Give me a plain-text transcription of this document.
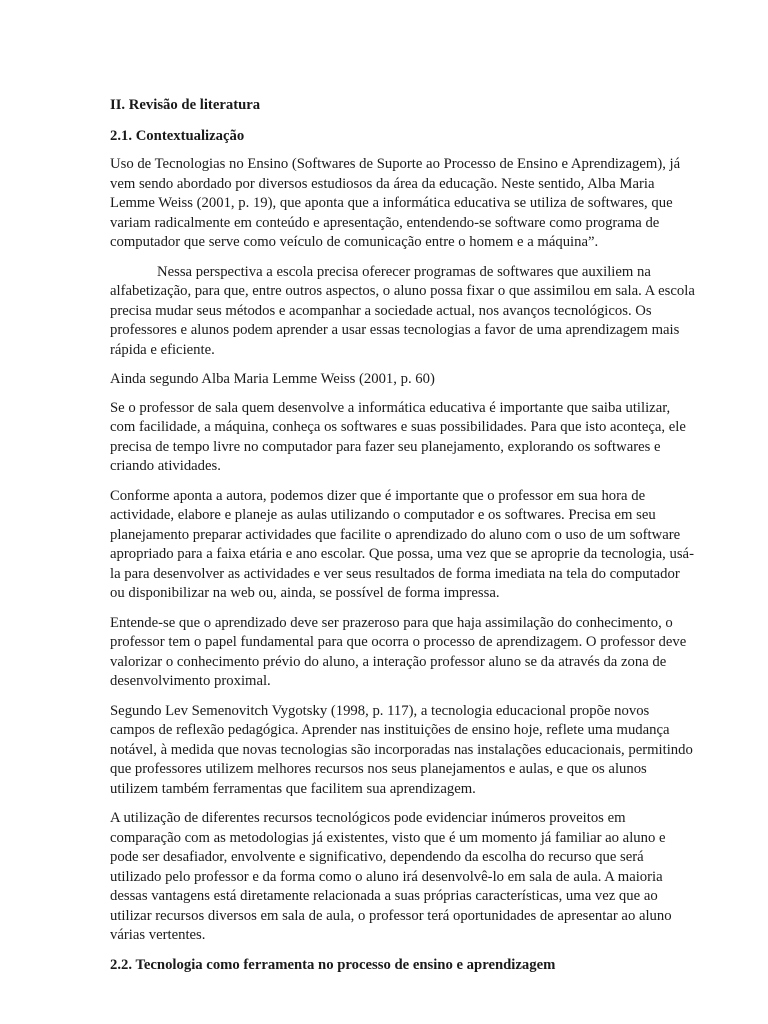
II. Revisão de literatura
2.1. Contextualização

Uso de Tecnologias no Ensino (Softwares de Suporte ao Processo de Ensino e Aprendizagem), já vem sendo abordado por diversos estudiosos da área da educação. Neste sentido, Alba Maria Lemme Weiss (2001, p. 19), que aponta que a informática educativa se utiliza de softwares, que variam radicalmente em conteúdo e apresentação, entendendo-se software como programa de computador que serve como veículo de comunicação entre o homem e a máquina”.

Nessa perspectiva a escola precisa oferecer programas de softwares que auxiliem na alfabetização, para que, entre outros aspectos, o aluno possa fixar o que assimilou em sala. A escola precisa mudar seus métodos e acompanhar a sociedade actual, nos avanços tecnológicos. Os professores e alunos podem aprender a usar essas tecnologias a favor de uma aprendizagem mais rápida e eficiente.

Ainda segundo Alba Maria Lemme Weiss (2001, p. 60)

Se o professor de sala quem desenvolve a informática educativa é importante que saiba utilizar, com facilidade, a máquina, conheça os softwares e suas possibilidades. Para que isto aconteça, ele precisa de tempo livre no computador para fazer seu planejamento, explorando os softwares e criando atividades.

Conforme aponta a autora, podemos dizer que é importante que o professor em sua hora de actividade, elabore e planeje as aulas utilizando o computador e os softwares. Precisa em seu planejamento preparar actividades que facilite o aprendizado do aluno com o uso de um software apropriado para a faixa etária e ano escolar. Que possa, uma vez que se aproprie da tecnologia, usá-la para desenvolver as actividades e ver seus resultados de forma imediata na tela do computador ou disponibilizar na web ou, ainda, se possível de forma impressa.

Entende-se que o aprendizado deve ser prazeroso para que haja assimilação do conhecimento, o professor tem o papel fundamental para que ocorra o processo de aprendizagem. O professor deve valorizar o conhecimento prévio do aluno, a interação professor aluno se da através da zona de desenvolvimento proximal.

Segundo Lev Semenovitch Vygotsky (1998, p. 117), a tecnologia educacional propõe novos campos de reflexão pedagógica. Aprender nas instituições de ensino hoje, reflete uma mudança notável, à medida que novas tecnologias são incorporadas nas instalações educacionais, permitindo que professores utilizem melhores recursos nos seus planejamentos e aulas, e que os alunos utilizem também ferramentas que facilitem sua aprendizagem.

A utilização de diferentes recursos tecnológicos pode evidenciar inúmeros proveitos em comparação com as metodologias já existentes, visto que é um momento já familiar ao aluno e pode ser desafiador, envolvente e significativo, dependendo da escolha do recurso que será utilizado pelo professor e da forma como o aluno irá desenvolvê-lo em sala de aula. A maioria dessas vantagens está diretamente relacionada a suas próprias características, uma vez que ao utilizar recursos diversos em sala de aula, o professor terá oportunidades de apresentar ao aluno várias vertentes.

2.2. Tecnologia como ferramenta no processo de ensino e aprendizagem
